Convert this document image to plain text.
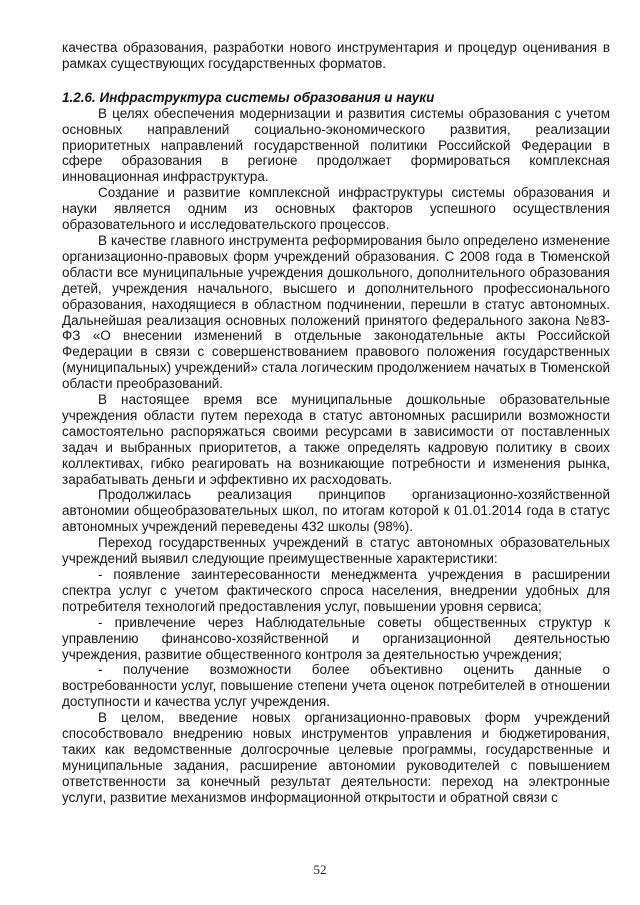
качества образования, разработки нового инструментария и процедур оценивания в рамках существующих государственных форматов.

1.2.6. Инфраструктура системы образования и науки

В целях обеспечения модернизации и развития системы образования с учетом основных направлений социально-экономического развития, реализации приоритетных направлений государственной политики Российской Федерации в сфере образования в регионе продолжает формироваться комплексная инновационная инфраструктура.

Создание и развитие комплексной инфраструктуры системы образования и науки является одним из основных факторов успешного осуществления образовательного и исследовательского процессов.

В качестве главного инструмента реформирования было определено изменение организационно-правовых форм учреждений образования. С 2008 года в Тюменской области все муниципальные учреждения дошкольного, дополнительного образования детей, учреждения начального, высшего и дополнительного профессионального образования, находящиеся в областном подчинении, перешли в статус автономных. Дальнейшая реализация основных положений принятого федерального закона №83-ФЗ «О внесении изменений в отдельные законодательные акты Российской Федерации в связи с совершенствованием правового положения государственных (муниципальных) учреждений» стала логическим продолжением начатых в Тюменской области преобразований.

В настоящее время все муниципальные дошкольные образовательные учреждения области путем перехода в статус автономных расширили возможности самостоятельно распоряжаться своими ресурсами в зависимости от поставленных задач и выбранных приоритетов, а также определять кадровую политику в своих коллективах, гибко реагировать на возникающие потребности и изменения рынка, зарабатывать деньги и эффективно их расходовать.

Продолжилась реализация принципов организационно-хозяйственной автономии общеобразовательных школ, по итогам которой к 01.01.2014 года в статус автономных учреждений переведены 432 школы (98%).

Переход государственных учреждений в статус автономных образовательных учреждений выявил следующие преимущественные характеристики:

- появление заинтересованности менеджмента учреждения в расширении спектра услуг с учетом фактического спроса населения, внедрении удобных для потребителя технологий предоставления услуг, повышении уровня сервиса;

- привлечение через Наблюдательные советы общественных структур к управлению финансово-хозяйственной и организационной деятельностью учреждения, развитие общественного контроля за деятельностью учреждения;

- получение возможности более объективно оценить данные о востребованности услуг, повышение степени учета оценок потребителей в отношении доступности и качества услуг учреждения.

В целом, введение новых организационно-правовых форм учреждений способствовало внедрению новых инструментов управления и бюджетирования, таких как ведомственные долгосрочные целевые программы, государственные и муниципальные задания, расширение автономии руководителей с повышением ответственности за конечный результат деятельности: переход на электронные услуги, развитие механизмов информационной открытости и обратной связи с

52
